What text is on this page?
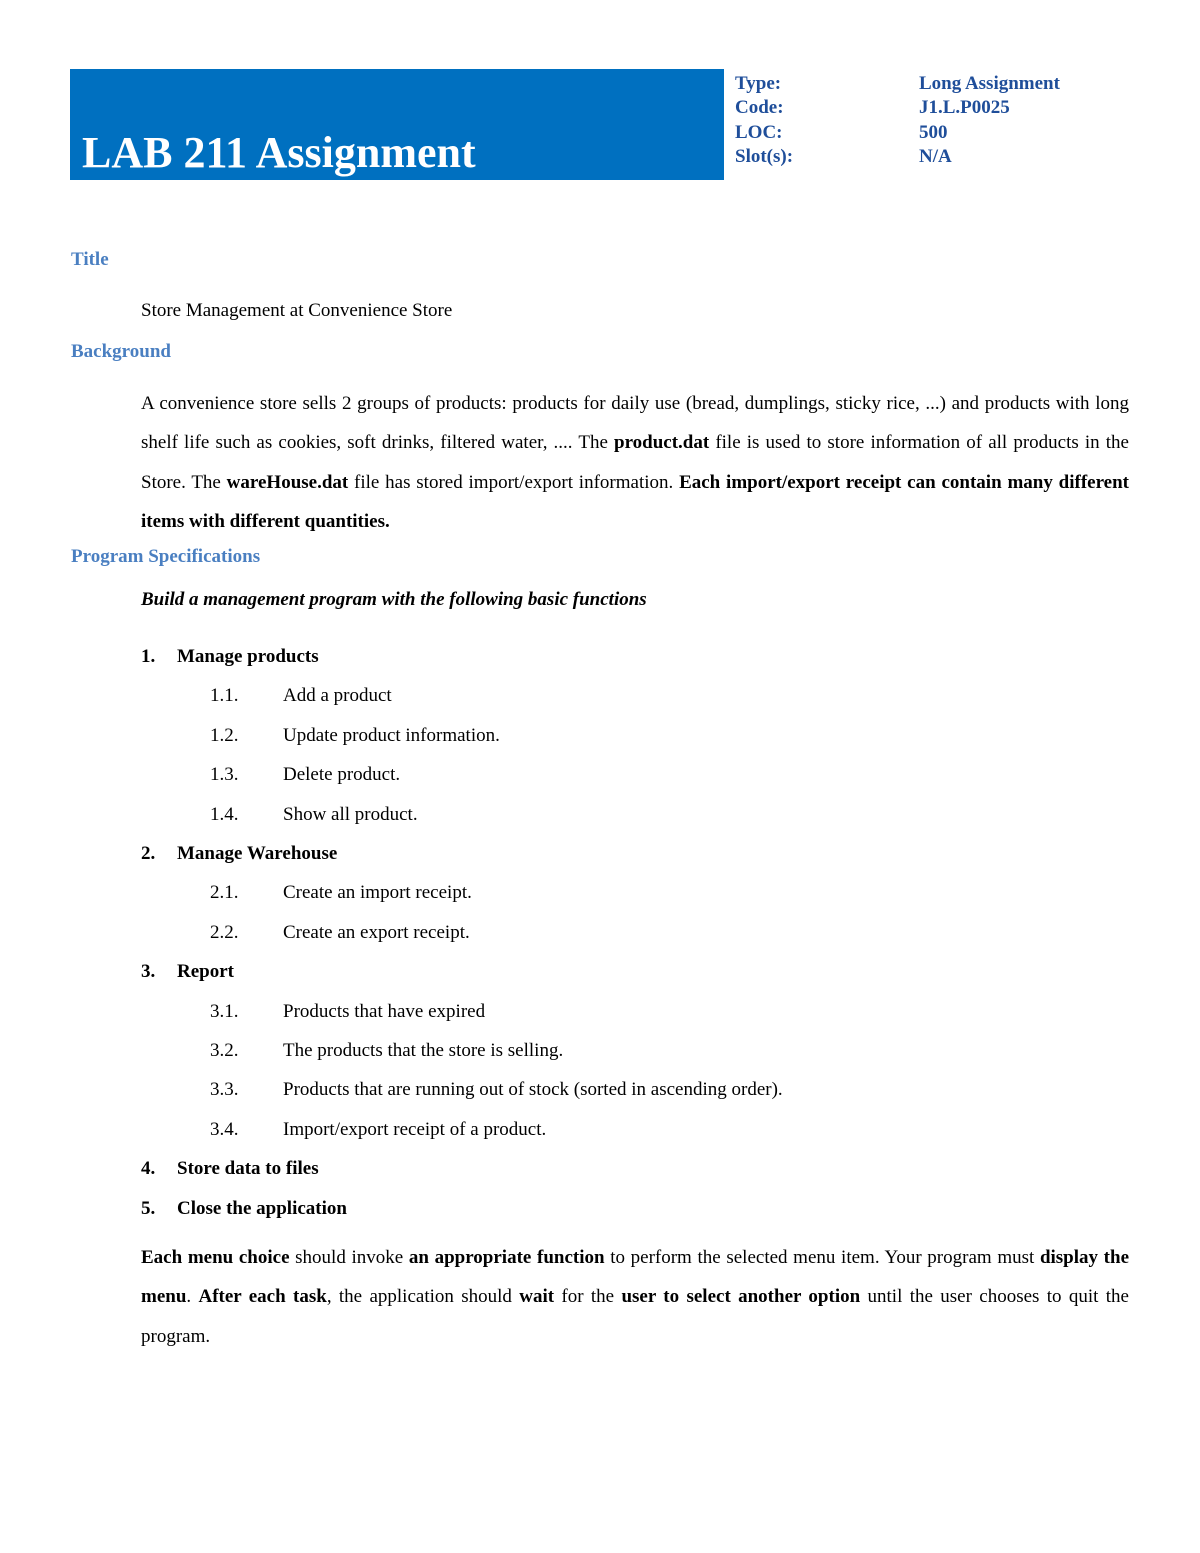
LAB 211 Assignment
Type:	Long Assignment
Code:	J1.L.P0025
LOC:	500
Slot(s):	N/A
Title
Store Management at Convenience Store
Background
A convenience store sells 2 groups of products: products for daily use (bread, dumplings, sticky rice, ...) and products with long shelf life such as cookies, soft drinks, filtered water, .... The product.dat file is used to store information of all products in the Store. The wareHouse.dat file has stored import/export information. Each import/export receipt can contain many different items with different quantities.
Program Specifications
Build a management program with the following basic functions
1. Manage products
1.1. Add a product
1.2. Update product information.
1.3. Delete product.
1.4. Show all product.
2. Manage Warehouse
2.1. Create an import receipt.
2.2. Create an export receipt.
3. Report
3.1. Products that have expired
3.2. The products that the store is selling.
3.3. Products that are running out of stock (sorted in ascending order).
3.4. Import/export receipt of a product.
4. Store data to files
5. Close the application
Each menu choice should invoke an appropriate function to perform the selected menu item. Your program must display the menu. After each task, the application should wait for the user to select another option until the user chooses to quit the program.
